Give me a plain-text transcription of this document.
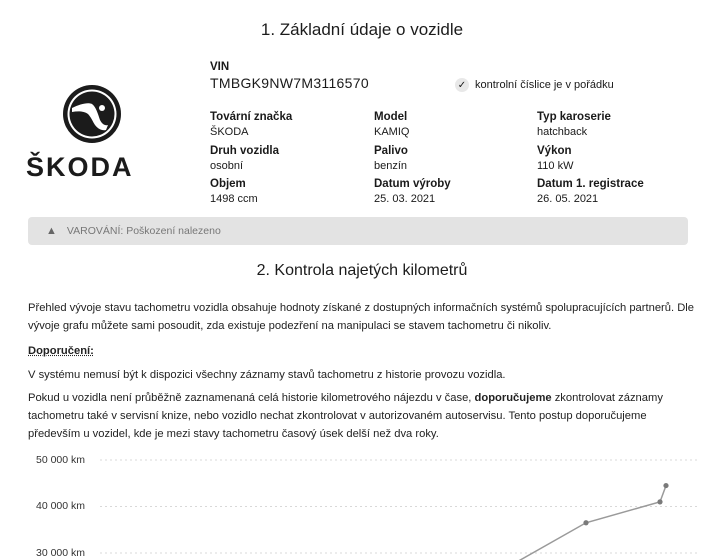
1. Základní údaje o vozidle
ŠKODA
VIN
TMBGK9NW7M3116570	✓ kontrolní číslice je v pořádku
Tovární značka
ŠKODA
Model
KAMIQ
Typ karoserie
hatchback
Druh vozidla
osobní
Palivo
benzín
Výkon
110 kW
Objem
1498 ccm
Datum výroby
25. 03. 2021
Datum 1. registrace
26. 05. 2021
▲ VAROVÁNÍ:
Poškození nalezeno
2. Kontrola najetých kilometrů
Přehled vývoje stavu tachometru vozidla obsahuje hodnoty získané z dostupných informačních systémů spolupracujících partnerů. Dle vývoje grafu můžete sami posoudit, zda existuje podezření na manipulaci se stavem tachometru či nikoliv.
Doporučení:
V systému nemusí být k dispozici všechny záznamy stavů tachometru z historie provozu vozidla.
Pokud u vozidla není průběžně zaznamenaná celá historie kilometrového nájezdu v čase, doporučujeme zkontrolovat záznamy tachometru také v servisní knize, nebo vozidlo nechat zkontrolovat v autorizovaném autoservisu. Tento postup doporučujeme především u vozidel, kde je mezi stavy tachometru časový úsek delší než dva roky.
50 000 km
40 000 km
30 000 km
